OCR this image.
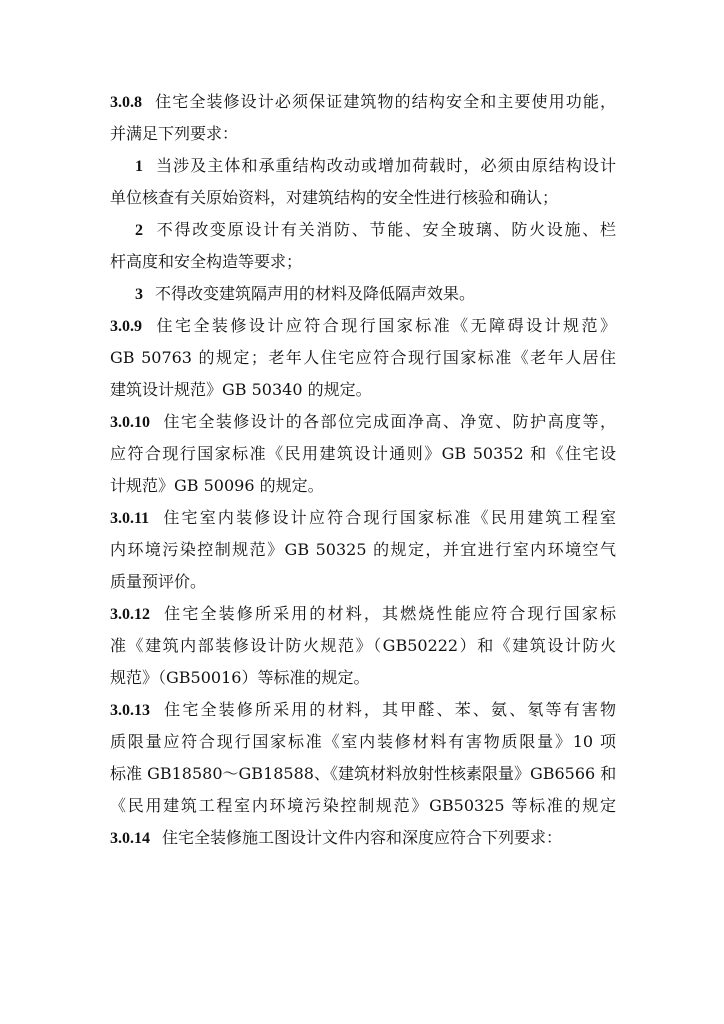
3.0.8 住宅全装修设计必须保证建筑物的结构安全和主要使用功能，
并满足下列要求：
1 当涉及主体和承重结构改动或增加荷载时，必须由原结构设计
单位核查有关原始资料，对建筑结构的安全性进行核验和确认；
2 不得改变原设计有关消防、节能、安全玻璃、防火设施、栏
杆高度和安全构造等要求；
3 不得改变建筑隔声用的材料及降低隔声效果。
3.0.9 住宅全装修设计应符合现行国家标准《无障碍设计规范》
GB 50763 的规定；老年人住宅应符合现行国家标准《老年人居住
建筑设计规范》GB 50340 的规定。
3.0.10 住宅全装修设计的各部位完成面净高、净宽、防护高度等，
应符合现行国家标准《民用建筑设计通则》GB 50352 和《住宅设
计规范》GB 50096 的规定。
3.0.11 住宅室内装修设计应符合现行国家标准《民用建筑工程室
内环境污染控制规范》GB 50325 的规定，并宜进行室内环境空气
质量预评价。
3.0.12 住宅全装修所采用的材料，其燃烧性能应符合现行国家标
准《建筑内部装修设计防火规范》（GB50222）和《建筑设计防火
规范》（GB50016）等标准的规定。
3.0.13 住宅全装修所采用的材料，其甲醛、苯、氨、氡等有害物
质限量应符合现行国家标准《室内装修材料有害物质限量》10 项
标准 GB18580～GB18588、《建筑材料放射性核素限量》GB6566 和
《民用建筑工程室内环境污染控制规范》GB50325 等标准的规定
3.0.14 住宅全装修施工图设计文件内容和深度应符合下列要求：
